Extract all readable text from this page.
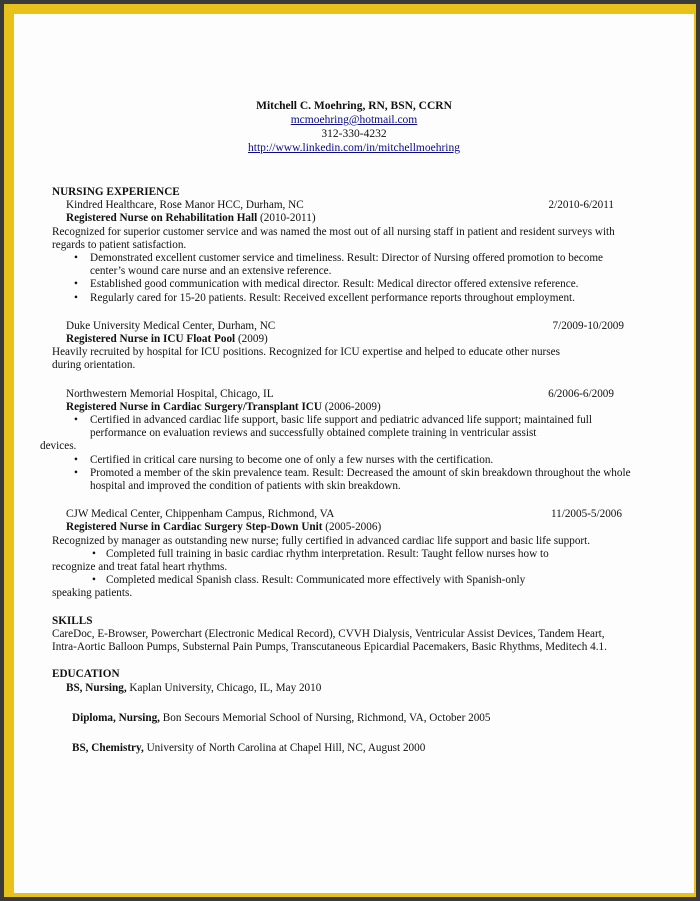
Mitchell C. Moehring, RN, BSN, CCRN
mcmoehring@hotmail.com
312-330-4232
http://www.linkedin.com/in/mitchellmoehring
NURSING EXPERIENCE
Kindred Healthcare, Rose Manor HCC, Durham, NC	2/2010-6/2011
Registered Nurse on Rehabilitation Hall (2010-2011)
Recognized for superior customer service and was named the most out of all nursing staff in patient and resident surveys with regards to patient satisfaction.
• Demonstrated excellent customer service and timeliness. Result: Director of Nursing offered promotion to become center’s wound care nurse and an extensive reference.
• Established good communication with medical director. Result: Medical director offered extensive reference.
• Regularly cared for 15-20 patients. Result: Received excellent performance reports throughout employment.
Duke University Medical Center, Durham, NC	7/2009-10/2009
Registered Nurse in ICU Float Pool (2009)
Heavily recruited by hospital for ICU positions. Recognized for ICU expertise and helped to educate other nurses during orientation.
Northwestern Memorial Hospital, Chicago, IL	6/2006-6/2009
Registered Nurse in Cardiac Surgery/Transplant ICU (2006-2009)
• Certified in advanced cardiac life support, basic life support and pediatric advanced life support; maintained full performance on evaluation reviews and successfully obtained complete training in ventricular assist
devices.
• Certified in critical care nursing to become one of only a few nurses with the certification.
• Promoted a member of the skin prevalence team. Result: Decreased the amount of skin breakdown throughout the whole hospital and improved the condition of patients with skin breakdown.
CJW Medical Center, Chippenham Campus, Richmond, VA	11/2005-5/2006
Registered Nurse in Cardiac Surgery Step-Down Unit (2005-2006)
Recognized by manager as outstanding new nurse; fully certified in advanced cardiac life support and basic life support.
• Completed full training in basic cardiac rhythm interpretation. Result: Taught fellow nurses how to
recognize and treat fatal heart rhythms.
• Completed medical Spanish class. Result: Communicated more effectively with Spanish-only
speaking patients.
SKILLS
CareDoc, E-Browser, Powerchart (Electronic Medical Record), CVVH Dialysis, Ventricular Assist Devices, Tandem Heart, Intra-Aortic Balloon Pumps, Substernal Pain Pumps, Transcutaneous Epicardial Pacemakers, Basic Rhythms, Meditech 4.1.
EDUCATION
BS, Nursing, Kaplan University, Chicago, IL, May 2010
Diploma, Nursing, Bon Secours Memorial School of Nursing, Richmond, VA, October 2005
BS, Chemistry, University of North Carolina at Chapel Hill, NC, August 2000
